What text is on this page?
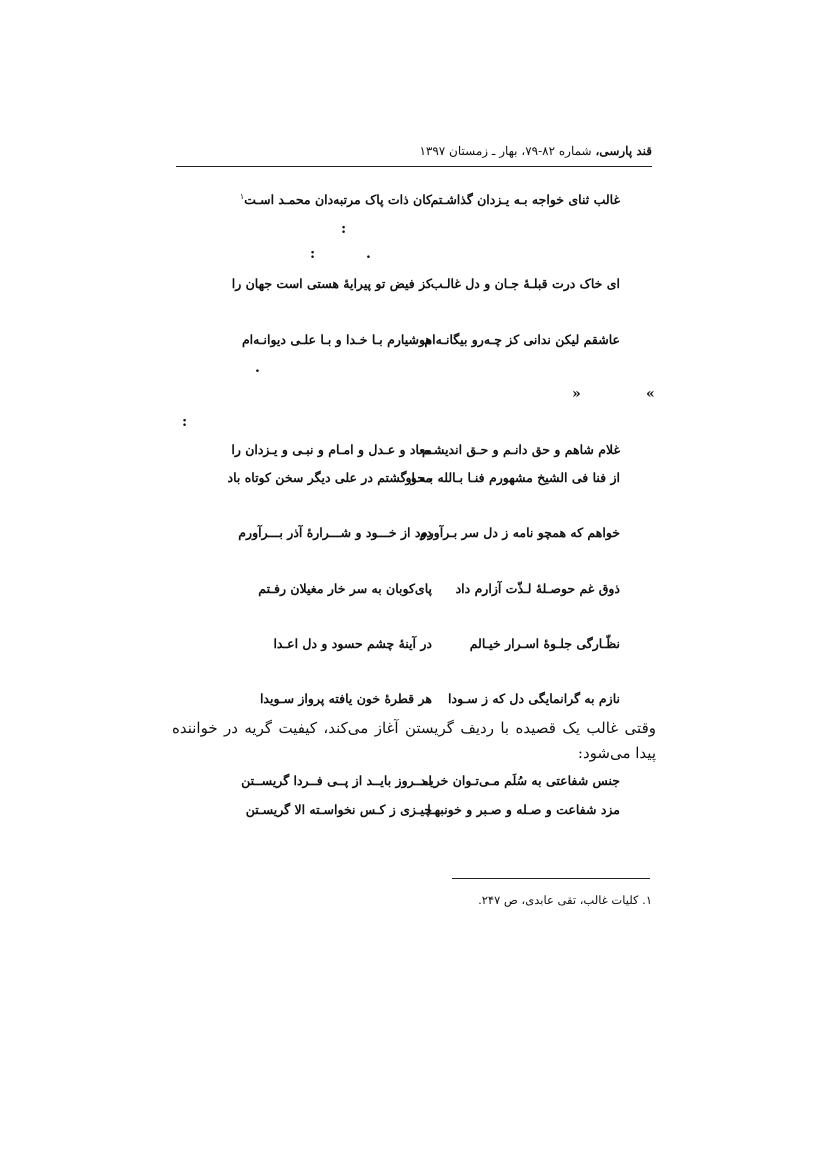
قند پارسی، شماره ۸۲-۷۹، بهار ـ زمستان ۱۳۹۷
غالب ثنای خواجه بـه یـزدان گذاشـتم
کان ذات پاک مرتبه‌دان محمـد اسـت$^۱$
:
:	.
ای خاک درت قبلـهٔ جـان و دل غالـب
کز فیض تو پیرایهٔ هستی است جهان را
عاشقم لیکن ندانی کز چـه‌رو بیگانـه‌ام
هوشیارم بـا خـدا و بـا علـی دیوانـه‌ام
.
»	«
:
غلام شاهم و حق دانـم و حـق اندیشـم
معاد و عـدل و امـام و نبـی و یـزدان را
از فنا فی الشیخ مشهورم فنـا بـالله بـه او
محو گشتم در علی دیگر سخن کوتاه باد
خواهم که همچو نامه ز دل سر بـرآورم
دود از خـــود و شـــرارهٔ آذر بـــرآورم
ذوق غم حوصـلهٔ لـذّت آزارم داد
پای‌کوبان به سر خار مغیلان رفـتم
نظّـارگی جلـوهٔ اسـرار خیـالم
در آینهٔ چشم حسود و دل اعـدا
نازم به گرانمایگی دل که ز سـودا
هر قطرهٔ خون یافته پرواز سـویدا
وقتی غالب یک قصیده با ردیف گریستن آغاز می‌کند، کیفیت گریه در خواننده پیدا می‌شود:
جنس شفاعتی به سُلَم مـی‌تـوان خریـد
امــروز بایــد از پــی فــردا گریســتن
مزد شفاعت و صـله و صـبر و خونبهـا
چیـزی ز کـس نخواسـته الا گریسـتن
۱. کلیات غالب، تقی عابدی، ص ۲۴۷.
